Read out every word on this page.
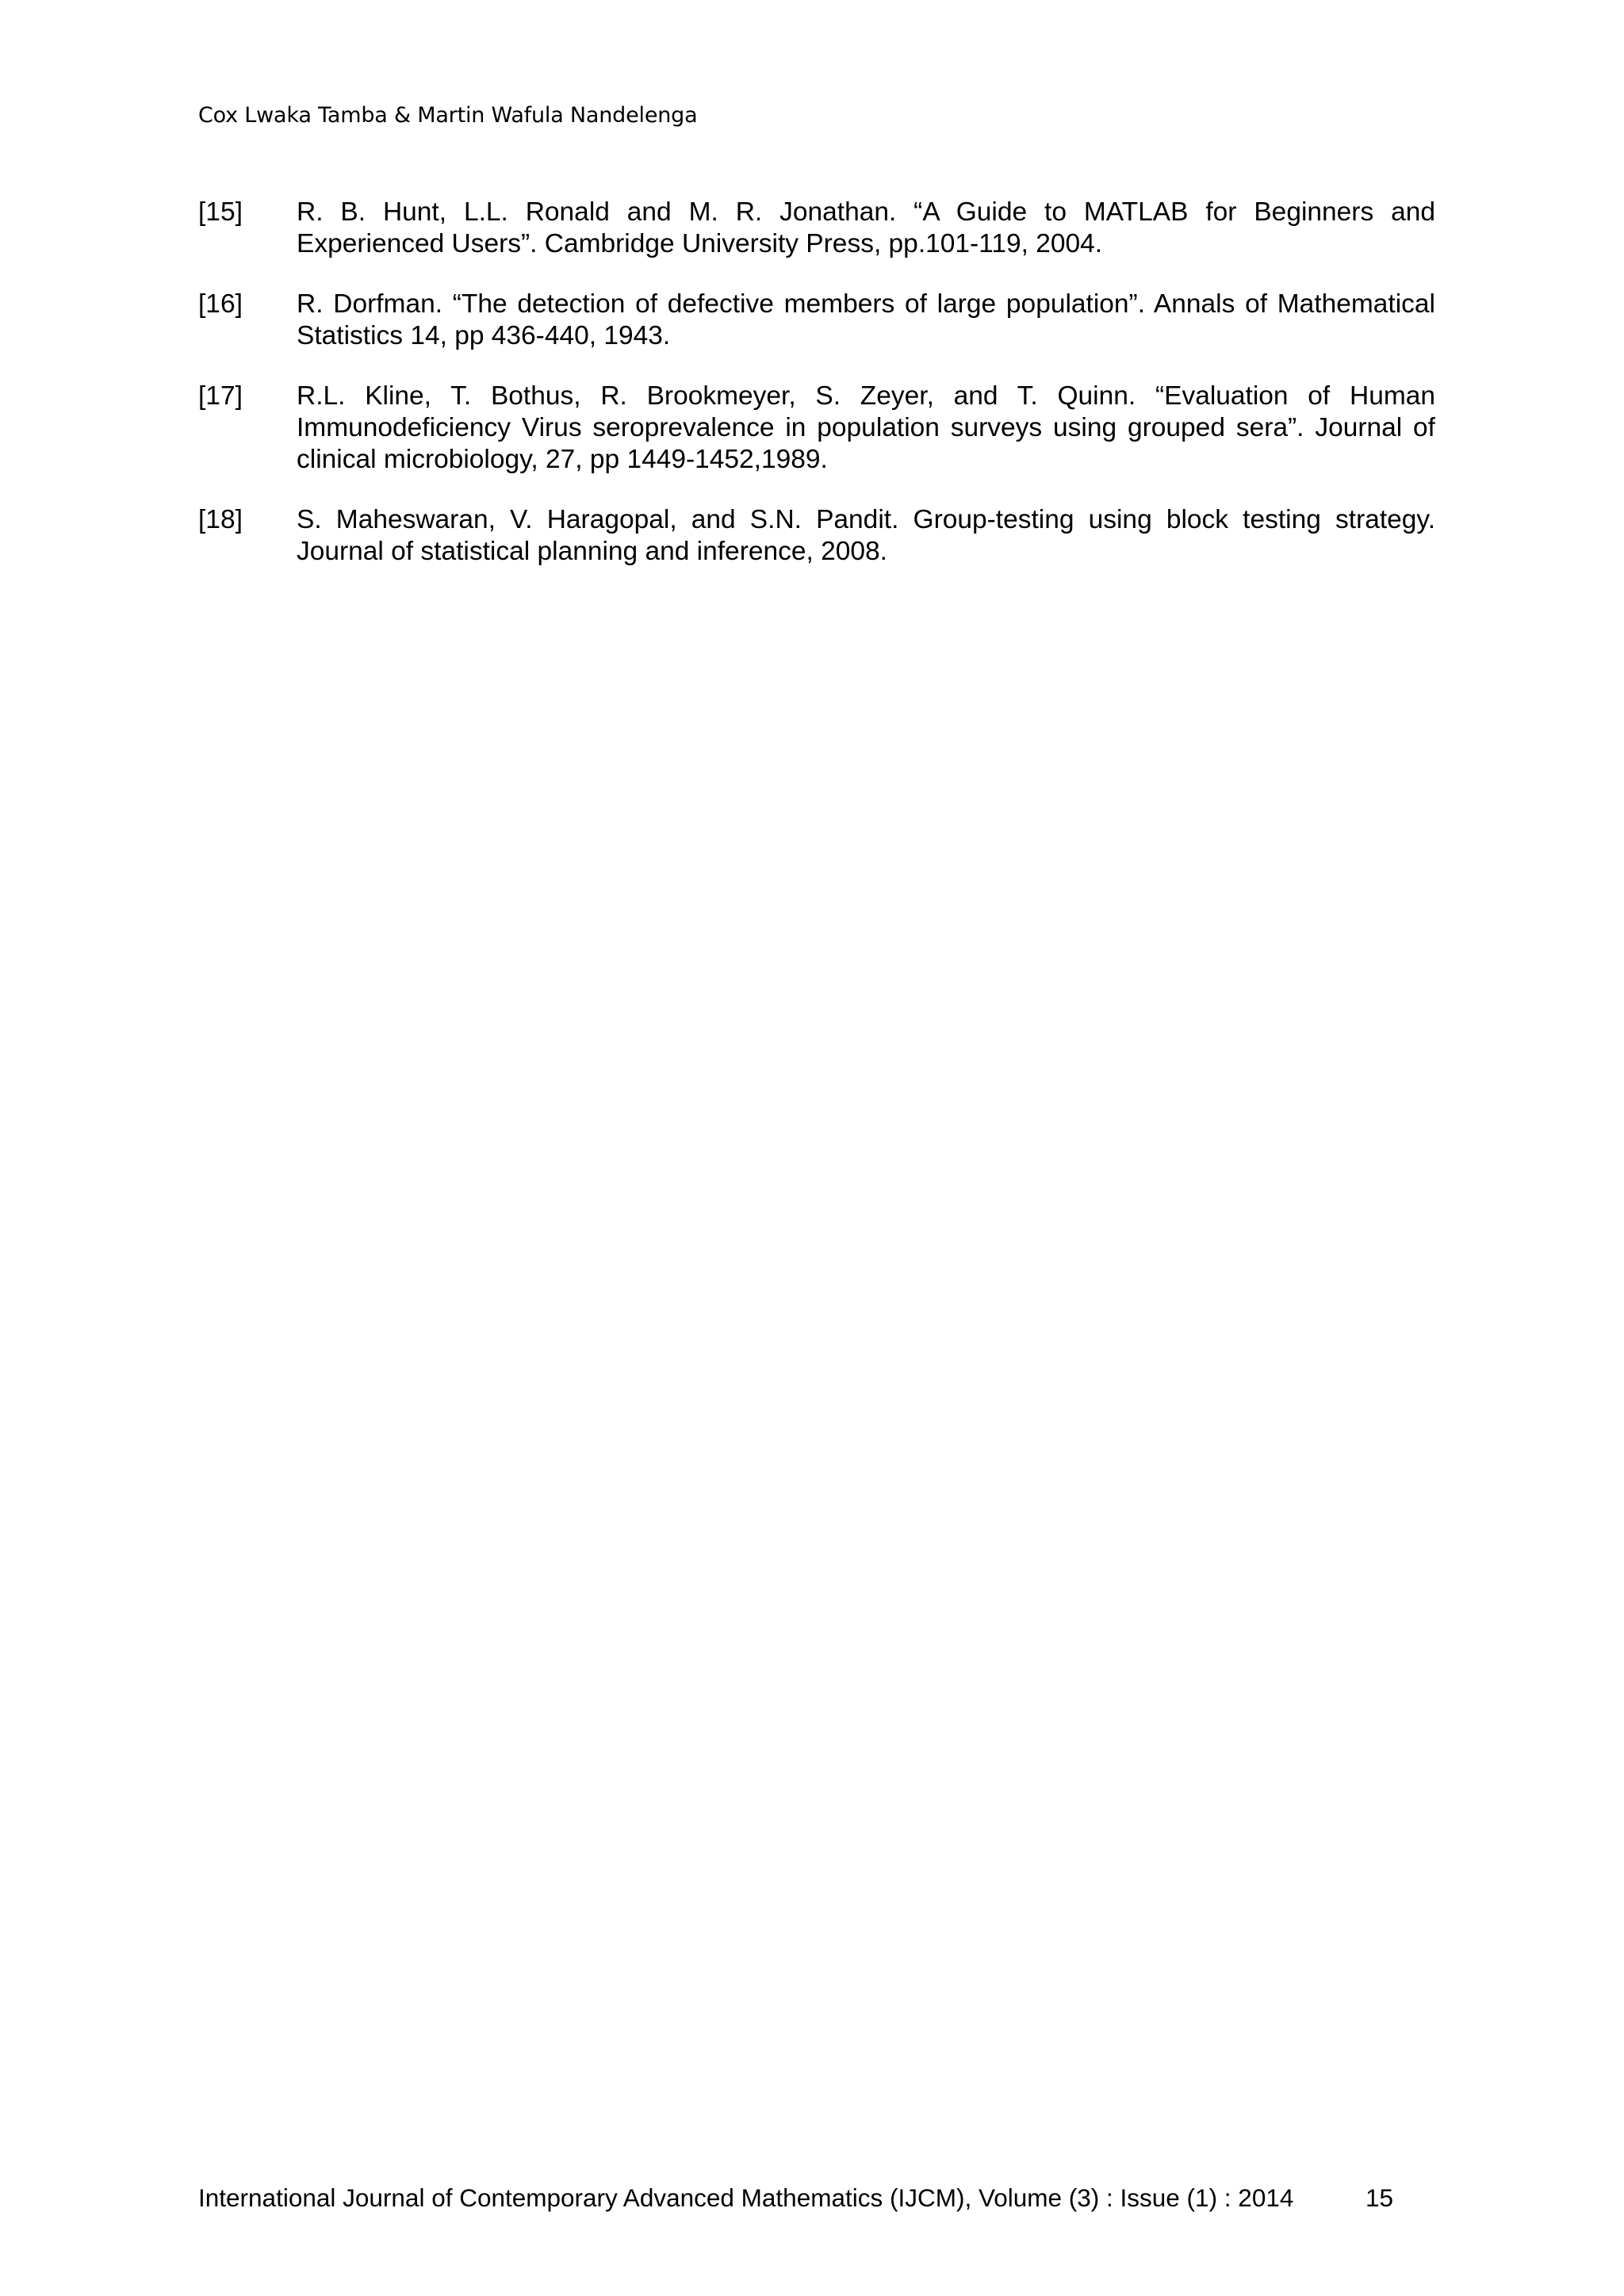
Cox Lwaka Tamba & Martin Wafula Nandelenga
[15] R. B. Hunt, L.L. Ronald and M. R. Jonathan. “A Guide to MATLAB for Beginners and Experienced Users”. Cambridge University Press, pp.101-119, 2004.
[16] R. Dorfman. “The detection of defective members of large population”. Annals of Mathematical Statistics 14, pp 436-440, 1943.
[17] R.L. Kline, T. Bothus, R. Brookmeyer, S. Zeyer, and T. Quinn. “Evaluation of Human Immunodeficiency Virus seroprevalence in population surveys using grouped sera”. Journal of clinical microbiology, 27, pp 1449-1452,1989.
[18] S. Maheswaran, V. Haragopal, and S.N. Pandit. Group-testing using block testing strategy. Journal of statistical planning and inference, 2008.
International Journal of Contemporary Advanced Mathematics (IJCM), Volume (3) : Issue (1) : 2014	15
